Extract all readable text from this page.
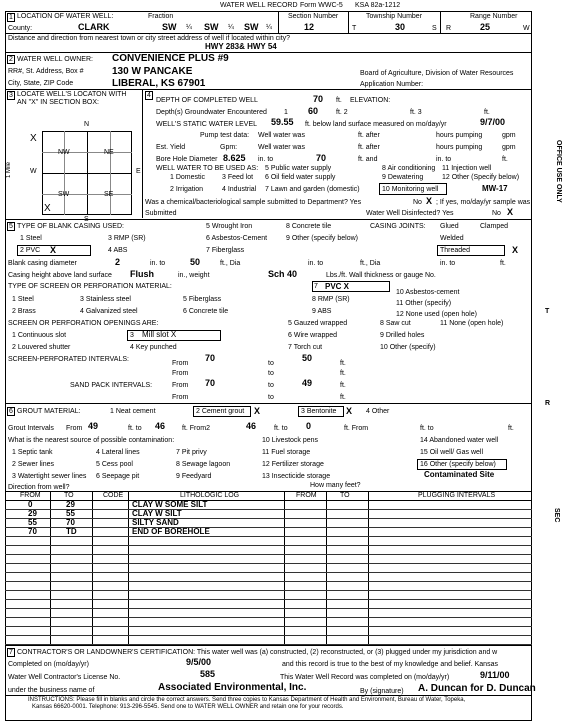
WATER WELL RECORD Form WWC-5 KSA 82a-1212
1 LOCATION OF WATER WELL:
County:	CLARK
Fraction
SW ¼ SW ¼ SW ¼
Section Number
12
Township Number
T	30	S
Range Number
R	25	W
Distance and direction from nearest town or city street address of well if located within city?
HWY 283& HWY 54
2 WATER WELL OWNER: CONVENIENCE PLUS #9
RR#, St. Address, Box #	130 W PANCAKE
City, State, ZIP Code	LIBERAL, KS 67901
Board of Agriculture, Division of Water Resources
Application Number:
3 LOCATE WELL'S LOCATON WITH
AN "X" IN SECTION BOX:
X
N
W	E
1 Mile
NW	NE
SW	SE
X
4
DEPTH OF COMPLETED WELL	70 ft. ELEVATION:
Depth(s) Groundwater Encountered 1 60	ft. 2	ft. 3	ft.
WELL'S STATIC WATER LEVEL 59.55 ft. below land surface measured on mo/day/yr	9/7/00
Pump test data: Well water was	ft. after	hours pumping	gpm
Est. Yield	Gpm:	Well water was	ft. after	hours pumping	gpm
Bore Hole Diameter 8.625 in. to	70	ft. and	in. to	ft.
WELL WATER TO BE USED AS: 5 Public water supply	8 Air conditioning 11 Injection well
1 Domestic 3 Feed lot 6 Oil field water supply	9 Dewatering	12 Other (Specify below)
2 Irrigation	4 Industrial 7 Lawn and garden (domestic)	10 Monitoring well	MW-17
Was a chemical/bacteriological sample submitted to Department? Yes	No X ; If yes, mo/day/yr sample was
Submitted	Water Well Disinfected? Yes	No X
5 TYPE OF BLANK CASING USED:	5 Wrought Iron	8 Concrete tile	CASING JOINTS: Glued	Clamped
1 Steel	3 RMP (SR)	6 Asbestos-Cement	9 Other (specify below)	Welded
2 PVC X	4 ABS	7 Fiberglass	Threaded	X
Blank casing diameter	2	in. to	50	ft., Dia	in. to	ft., Dia	in. to	ft.
Casing height above land surface Flush	in., weight	Sch 40	Lbs./ft. Wall thickness or gauge No.
TYPE OF SCREEN OR PERFORATION MATERIAL:	7 PVC X
10 Asbestos-cement
1 Steel	3 Stainless steel	5 Fiberglass	8 RMP (SR)
11 Other (specify)
2 Brass	4 Galvanized steel	6 Concrete tile	9 ABS	12 None used (open hole)
SCREEN OR PERFORATION OPENINGS ARE:	5 Gauzed wrapped	8 Saw cut	11 None (open hole)
1 Continuous slot	3 Mill slot X	6 Wire wrapped	9 Drilled holes
2 Louvered shutter	4 Key punched	7 Torch cut	10 Other (specify)
SCREEN-PERFORATED INTERVALS:
From
70
to
50
ft.
From	to	ft.
SAND PACK INTERVALS:	From 70	to	49	ft.
From	to	ft.
6 GROUT MATERIAL:	1 Neat cement	2 Cement grout X	3 Bentonite X 4 Other
Grout Intervals From 49	ft. to 46 ft. From2	46	ft. to 0	ft. From	ft. to	ft.
What is the nearest source of possible contamination:
1 Septic tank	4 Lateral lines	7 Pit privy
10 Livestock pens
11 Fuel storage
12 Fertilizer storage
13 Insecticide storage
14 Abandoned water well
15 Oil well/ Gas well
16 Other (specify below)
2 Sewer lines	5 Cess pool	8 Sewage lagoon
3 Watertight sewer lines 6 Seepage pit	9 Feedyard	Contaminated Site
Direction from well?	How many feet?
FROM	TO	CODE	LITHOLOGIC LOG	FROM	TO	PLUGGING INTERVALS
0	29	CLAY W SOME SILT
29	55	CLAY W SILT
55	70	SILTY SAND
70	TD	END OF BOREHOLE
7 CONTRACTOR'S OR LANDOWNER'S CERTIFICATION: This water well was (a) constructed, (2) reconstructed, or (3) plugged under my jurisdiction and w
Completed on (mo/day/yr)	9/5/00	and this record is true to the best of my knowledge and belief. Kansas
Water Well Contractor's License No.	585	This Water Well Record was completed on (mo/day/yr)	9/11/00
under the business name of	Associated Environmental, Inc.	By (signature) A. Duncan for D. Duncan
INSTRUCTIONS: Please fill in blanks and circle the correct answers. Send three copies to Kansas Department of Health and Environment, Bureau of Water, Topeka,
Kansas 66620-0001. Telephone: 913-296-5545. Send one to WATER WELL OWNER and retain one for your records.
OFFICE USE ONLY
T
R
SEC
